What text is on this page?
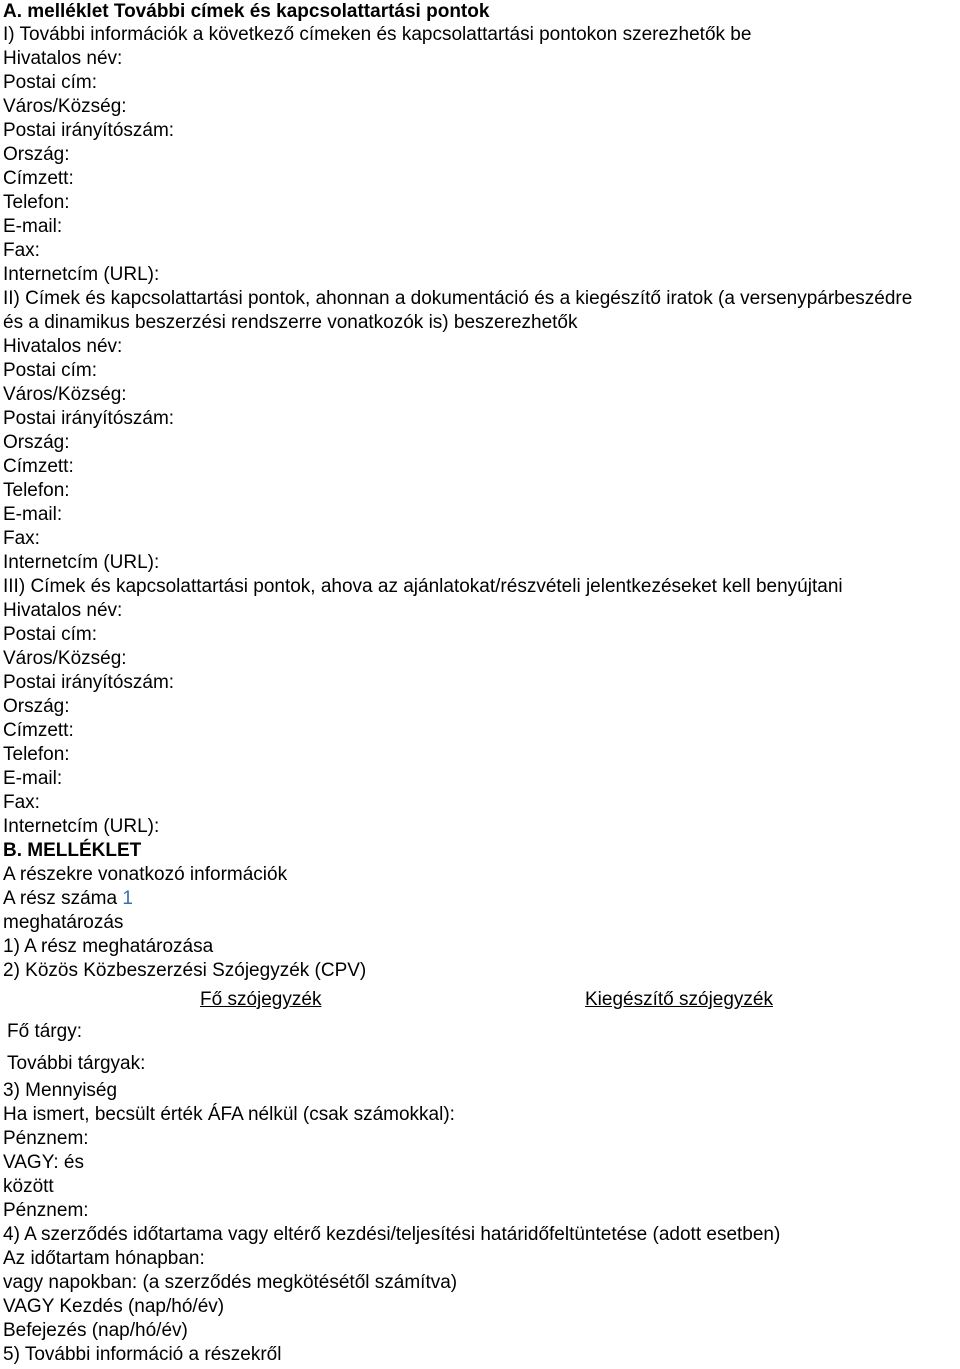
A. melléklet További címek és kapcsolattartási pontok
I) További információk a következő címeken és kapcsolattartási pontokon szerezhetők be
Hivatalos név:
Postai cím:
Város/Község:
Postai irányítószám:
Ország:
Címzett:
Telefon:
E-mail:
Fax:
Internetcím (URL):
II) Címek és kapcsolattartási pontok, ahonnan a dokumentáció és a kiegészítő iratok (a versenypárbeszédre
és a dinamikus beszerzési rendszerre vonatkozók is) beszerezhetők
Hivatalos név:
Postai cím:
Város/Község:
Postai irányítószám:
Ország:
Címzett:
Telefon:
E-mail:
Fax:
Internetcím (URL):
III) Címek és kapcsolattartási pontok, ahova az ajánlatokat/részvételi jelentkezéseket kell benyújtani
Hivatalos név:
Postai cím:
Város/Község:
Postai irányítószám:
Ország:
Címzett:
Telefon:
E-mail:
Fax:
Internetcím (URL):
B. MELLÉKLET
A részekre vonatkozó információk
A rész száma 1
meghatározás
1) A rész meghatározása
2) Közös Közbeszerzési Szójegyzék (CPV)
Fő szójegyzék	Kiegészítő szójegyzék
Fő tárgy:
További tárgyak:
3) Mennyiség
Ha ismert, becsült érték ÁFA nélkül (csak számokkal):
Pénznem:
VAGY: és
között
Pénznem:
4) A szerződés időtartama vagy eltérő kezdési/teljesítési határidőfeltüntetése (adott esetben)
Az időtartam hónapban:
vagy napokban: (a szerződés megkötésétől számítva)
VAGY Kezdés (nap/hó/év)
Befejezés (nap/hó/év)
5) További információ a részekről
